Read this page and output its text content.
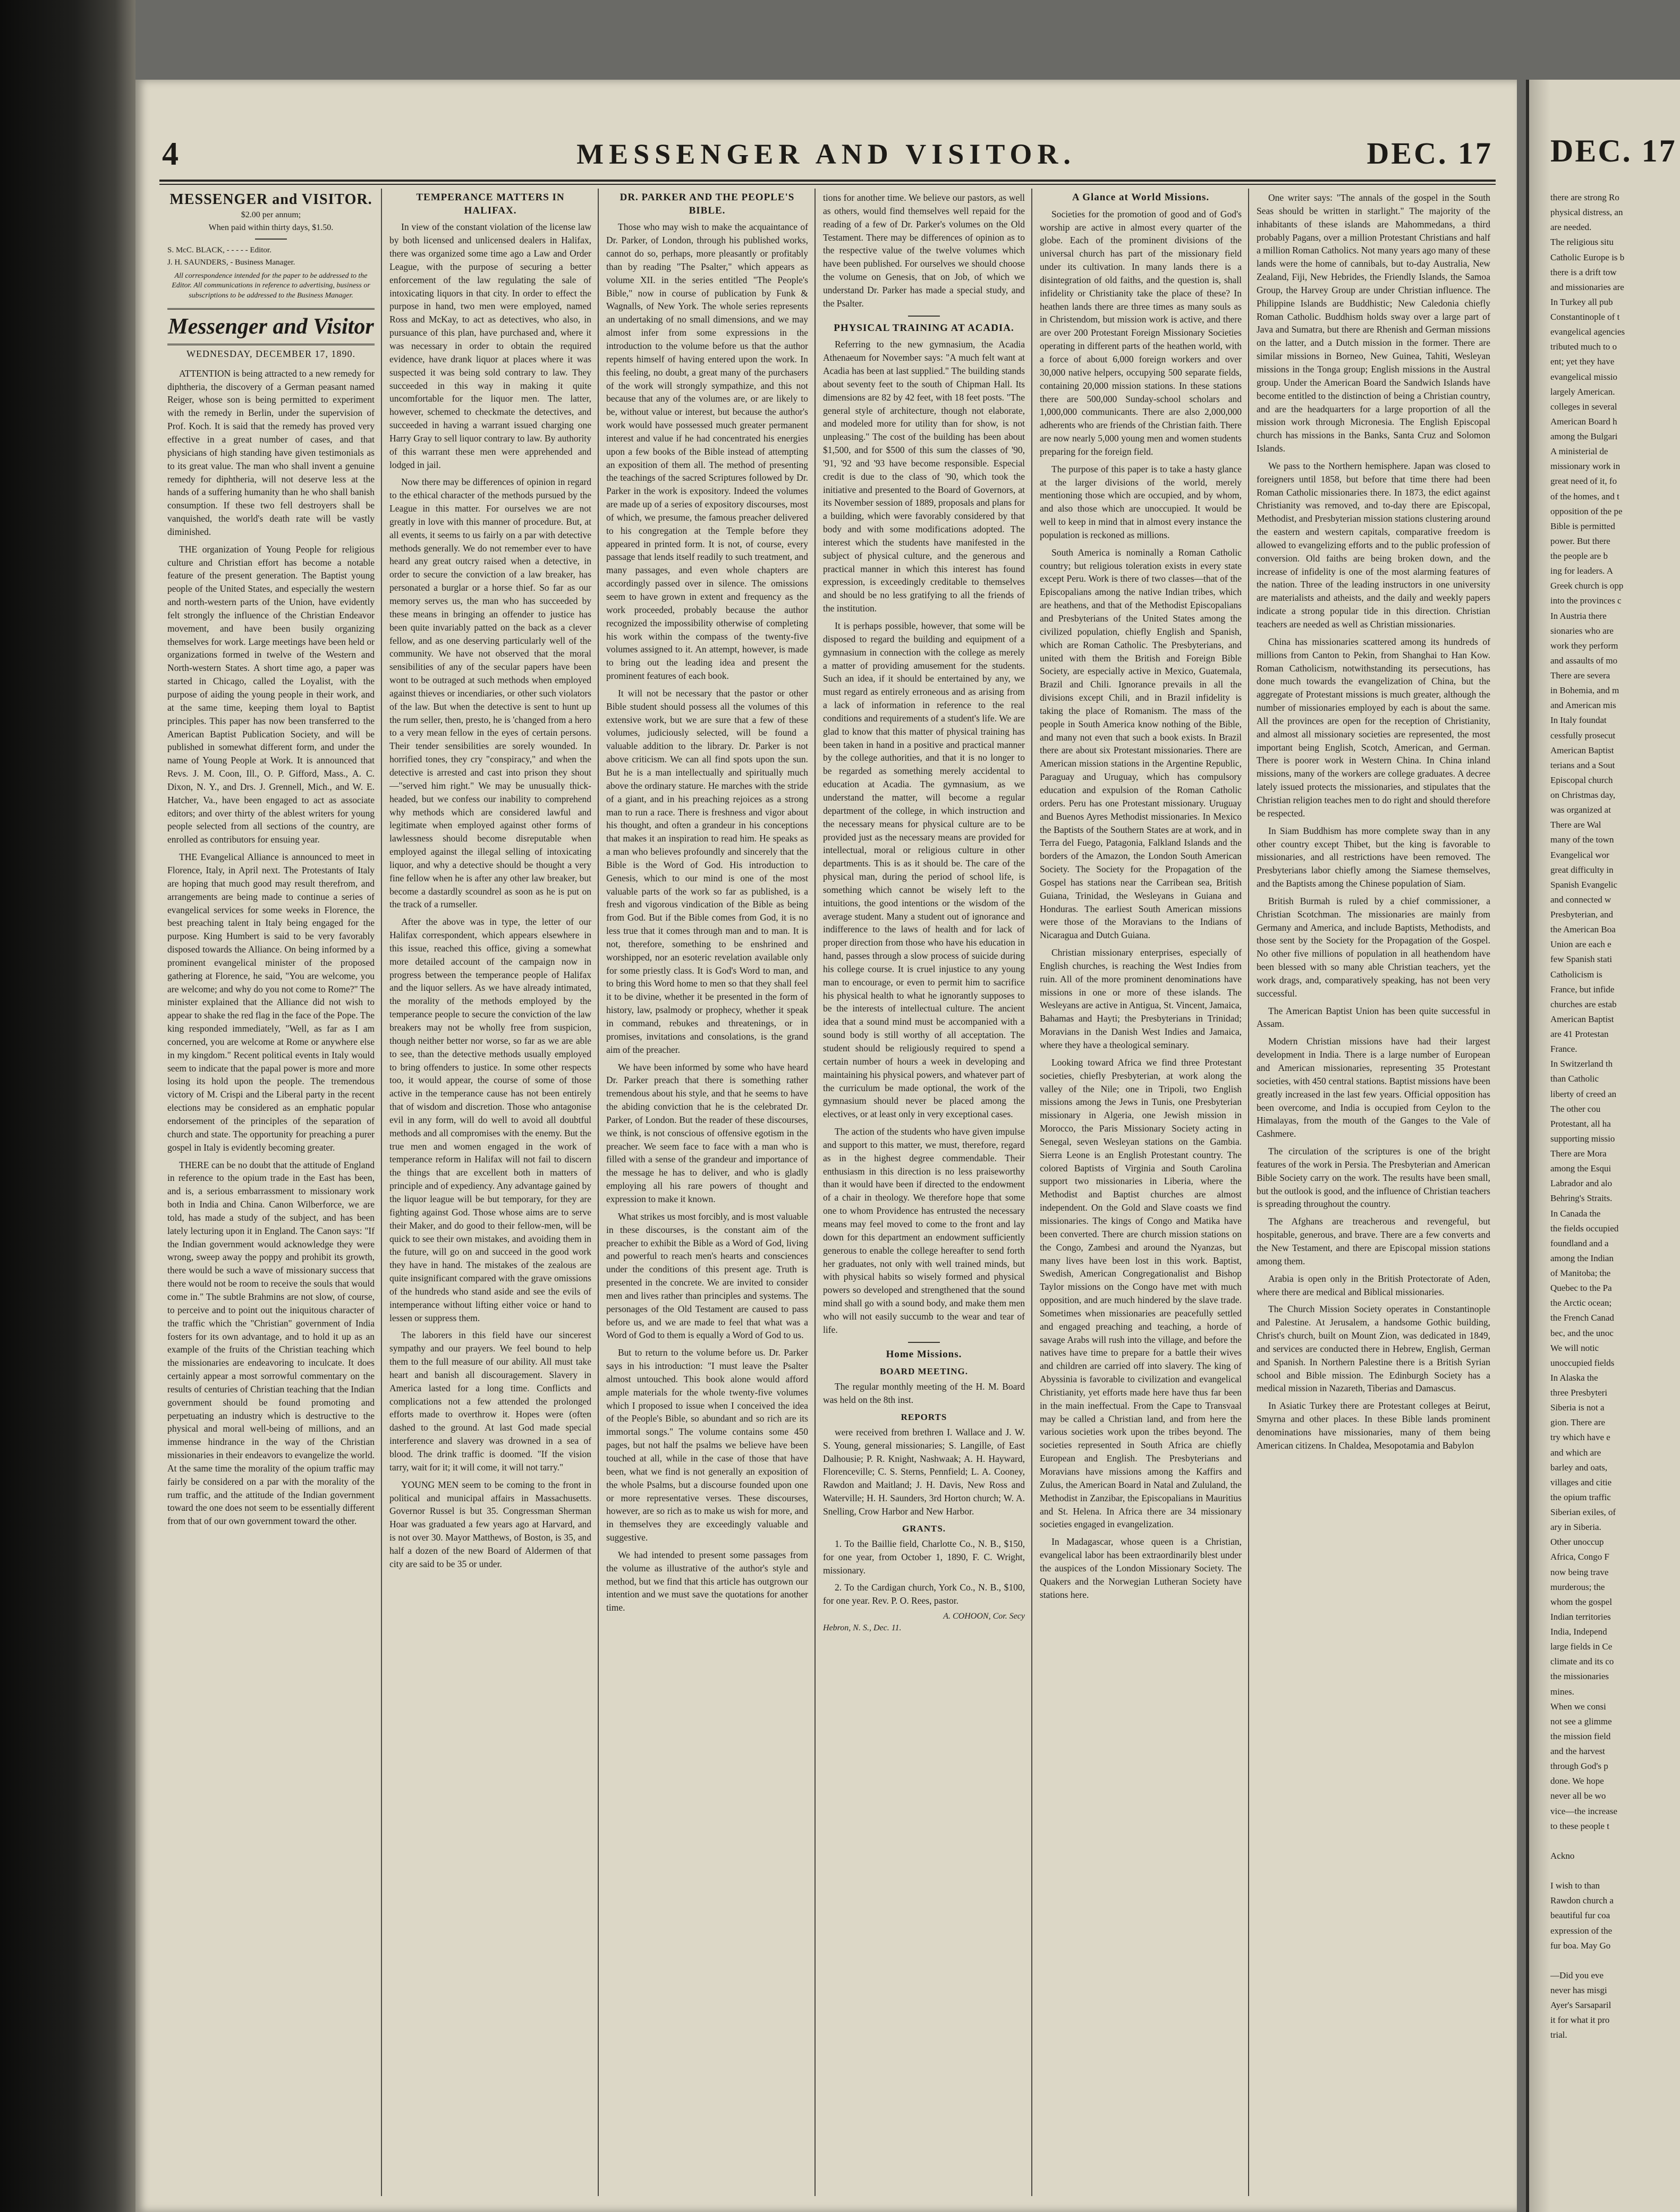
4	MESSENGER AND VISITOR.	DEC. 17
MESSENGER and VISITOR.
$2.00 per annum;
When paid within thirty days, $1.50.
S. McC. BLACK, - - - - - Editor.
J. H. SAUNDERS, - Business Manager.
All correspondence intended for the paper to be addressed to the Editor. All communications in reference to advertising, business or subscriptions to be addressed to the Business Manager.
Messenger and Visitor
WEDNESDAY, DECEMBER 17, 1890.

ATTENTION is being attracted to a new remedy for diphtheria, the discovery of a German peasant named Reiger, whose son is being permitted to experiment with the remedy in Berlin, under the supervision of Prof. Koch. It is said that the remedy has proved very effective in a great number of cases, and that physicians of high standing have given testimonials as to its great value. The man who shall invent a genuine remedy for diphtheria, will not deserve less at the hands of a suffering humanity than he who shall banish consumption. If these two fell destroyers shall be vanquished, the world's death rate will be vastly diminished.

THE organization of Young People for religious culture and Christian effort has become a notable feature of the present generation. The Baptist young people of the United States, and especially the western and north-western parts of the Union, have evidently felt strongly the influence of the Christian Endeavor movement, and have been busily organizing themselves for work. Large meetings have been held or organizations formed in twelve of the Western and North-western States. A short time ago, a paper was started in Chicago, called the Loyalist, with the purpose of aiding the young people in their work, and at the same time, keeping them loyal to Baptist principles. This paper has now been transferred to the American Baptist Publication Society, and will be published in somewhat different form, and under the name of Young People at Work. It is announced that Revs. J. M. Coon, Ill., O. P. Gifford, Mass., A. C. Dixon, N. Y., and Drs. J. Grennell, Mich., and W. E. Hatcher, Va., have been engaged to act as associate editors; and over thirty of the ablest writers for young people selected from all sections of the country, are enrolled as contributors for ensuing year.

THE Evangelical Alliance is announced to meet in Florence, Italy, in April next. The Protestants of Italy are hoping that much good may result therefrom, and arrangements are being made to continue a series of evangelical services for some weeks in Florence, the best preaching talent in Italy being engaged for the purpose. King Humbert is said to be very favorably disposed towards the Alliance. On being informed by a prominent evangelical minister of the proposed gathering at Florence, he said, "You are welcome, you are welcome; and why do you not come to Rome?" The minister explained that the Alliance did not wish to appear to shake the red flag in the face of the Pope. The king responded immediately, "Well, as far as I am concerned, you are welcome at Rome or anywhere else in my kingdom." Recent political events in Italy would seem to indicate that the papal power is more and more losing its hold upon the people. The tremendous victory of M. Crispi and the Liberal party in the recent elections may be considered as an emphatic popular endorsement of the principles of the separation of church and state. The opportunity for preaching a purer gospel in Italy is evidently becoming greater.

THERE can be no doubt that the attitude of England in reference to the opium trade in the East has been, and is, a serious embarrassment to missionary work both in India and China. Canon Wilberforce, we are told, has made a study of the subject, and has been lately lecturing upon it in England. The Canon says: "If the Indian government would acknowledge they were wrong, sweep away the poppy and prohibit its growth, there would be such a wave of missionary success that there would not be room to receive the souls that would come in." The subtle Brahmins are not slow, of course, to perceive and to point out the iniquitous character of the traffic which the "Christian" government of India fosters for its own advantage, and to hold it up as an example of the fruits of the Christian teaching which the missionaries are endeavoring to inculcate. It does certainly appear a most sorrowful commentary on the results of centuries of Christian teaching that the Indian government should be found promoting and perpetuating an industry which is destructive to the physical and moral well-being of millions, and an immense hindrance in the way of the Christian missionaries in their endeavors to evangelize the world. At the same time the morality of the opium traffic may fairly be considered on a par with the morality of the rum traffic, and the attitude of the Indian government toward the one does not seem to be essentially different from that of our own government toward the other.

TEMPERANCE MATTERS IN HALIFAX.

In view of the constant violation of the license law by both licensed and unlicensed dealers in Halifax, there was organized some time ago a Law and Order League, with the purpose of securing a better enforcement of the law regulating the sale of intoxicating liquors in that city. In order to effect the purpose in hand, two men were employed, named Ross and McKay, to act as detectives, who also, in pursuance of this plan, have purchased and, where it was necessary in order to obtain the required evidence, have drank liquor at places where it was suspected it was being sold contrary to law. They succeeded in this way in making it quite uncomfortable for the liquor men. The latter, however, schemed to checkmate the detectives, and succeeded in having a warrant issued charging one Harry Gray to sell liquor contrary to law. By authority of this warrant these men were apprehended and lodged in jail.

Now there may be differences of opinion in regard to the ethical character of the methods pursued by the League in this matter. For ourselves we are not greatly in love with this manner of procedure. But, at all events, it seems to us fairly on a par with detective methods generally. We do not remember ever to have heard any great outcry raised when a detective, in order to secure the conviction of a law breaker, has personated a burglar or a horse thief. So far as our memory serves us, the man who has succeeded by these means in bringing an offender to justice has been quite invariably patted on the back as a clever fellow, and as one deserving particularly well of the community. We have not observed that the moral sensibilities of any of the secular papers have been wont to be outraged at such methods when employed against thieves or incendiaries, or other such violators of the law. But when the detective is sent to hunt up the rum seller, then, presto, he is 'changed from a hero to a very mean fellow in the eyes of certain persons. Their tender sensibilities are sorely wounded. In horrified tones, they cry "conspiracy," and when the detective is arrested and cast into prison they shout—"served him right." We may be unusually thick-headed, but we confess our inability to comprehend why methods which are considered lawful and legitimate when employed against other forms of lawlessness should become disreputable when employed against the illegal selling of intoxicating liquor, and why a detective should be thought a very fine fellow when he is after any other law breaker, but become a dastardly scoundrel as soon as he is put on the track of a rumseller.

After the above was in type, the letter of our Halifax correspondent, which appears elsewhere in this issue, reached this office, giving a somewhat more detailed account of the campaign now in progress between the temperance people of Halifax and the liquor sellers. As we have already intimated, the morality of the methods employed by the temperance people to secure the conviction of the law breakers may not be wholly free from suspicion, though neither better nor worse, so far as we are able to see, than the detective methods usually employed to bring offenders to justice. In some other respects too, it would appear, the course of some of those active in the temperance cause has not been entirely that of wisdom and discretion. Those who antagonise evil in any form, will do well to avoid all doubtful methods and all compromises with the enemy. But the true men and women engaged in the work of temperance reform in Halifax will not fail to discern the things that are excellent both in matters of principle and of expediency. Any advantage gained by the liquor league will be but temporary, for they are fighting against God. Those whose aims are to serve their Maker, and do good to their fellow-men, will be quick to see their own mistakes, and avoiding them in the future, will go on and succeed in the good work they have in hand. The mistakes of the zealous are quite insignificant compared with the grave omissions of the hundreds who stand aside and see the evils of intemperance without lifting either voice or hand to lessen or suppress them.

The laborers in this field have our sincerest sympathy and our prayers. We feel bound to help them to the full measure of our ability. All must take heart and banish all discouragement. Slavery in America lasted for a long time. Conflicts and complications not a few attended the prolonged efforts made to overthrow it. Hopes were (often dashed to the ground. At last God made special interference and slavery was drowned in a sea of blood. The drink traffic is doomed. "If the vision tarry, wait for it; it will come, it will not tarry."

YOUNG MEN seem to be coming to the front in political and municipal affairs in Massachusetts. Governor Russel is but 35. Congressman Sherman Hoar was graduated a few years ago at Harvard, and is not over 30. Mayor Matthews, of Boston, is 35, and half a dozen of the new Board of Aldermen of that city are said to be 35 or under.

DR. PARKER AND THE PEOPLE'S BIBLE.

Those who may wish to make the acquaintance of Dr. Parker, of London, through his published works, cannot do so, perhaps, more pleasantly or profitably than by reading "The Psalter," which appears as volume XII. in the series entitled "The People's Bible," now in course of publication by Funk & Wagnalls, of New York. The whole series represents an undertaking of no small dimensions, and we may almost infer from some expressions in the introduction to the volume before us that the author repents himself of having entered upon the work. In this feeling, no doubt, a great many of the purchasers of the work will strongly sympathize, and this not because that any of the volumes are, or are likely to be, without value or interest, but because the author's work would have possessed much greater permanent interest and value if he had concentrated his energies upon a few books of the Bible instead of attempting an exposition of them all. The method of presenting the teachings of the sacred Scriptures followed by Dr. Parker in the work is expository. Indeed the volumes are made up of a series of expository discourses, most of which, we presume, the famous preacher delivered to his congregation at the Temple before they appeared in printed form. It is not, of course, every passage that lends itself readily to such treatment, and many passages, and even whole chapters are accordingly passed over in silence. The omissions seem to have grown in extent and frequency as the work proceeded, probably because the author recognized the impossibility otherwise of completing his work within the compass of the twenty-five volumes assigned to it. An attempt, however, is made to bring out the leading idea and present the prominent features of each book.

It will not be necessary that the pastor or other Bible student should possess all the volumes of this extensive work, but we are sure that a few of these volumes, judiciously selected, will be found a valuable addition to the library. Dr. Parker is not above criticism. We can all find spots upon the sun. But he is a man intellectually and spiritually much above the ordinary stature. He marches with the stride of a giant, and in his preaching rejoices as a strong man to run a race. There is freshness and vigor about his thought, and often a grandeur in his conceptions that makes it an inspiration to read him. He speaks as a man who believes profoundly and sincerely that the Bible is the Word of God. His introduction to Genesis, which to our mind is one of the most valuable parts of the work so far as published, is a fresh and vigorous vindication of the Bible as being from God. But if the Bible comes from God, it is no less true that it comes through man and to man. It is not, therefore, something to be enshrined and worshipped, nor an esoteric revelation available only for some priestly class. It is God's Word to man, and to bring this Word home to men so that they shall feel it to be divine, whether it be presented in the form of history, law, psalmody or prophecy, whether it speak in command, rebukes and threatenings, or in promises, invitations and consolations, is the grand aim of the preacher.

We have been informed by some who have heard Dr. Parker preach that there is something rather tremendous about his style, and that he seems to have the abiding conviction that he is the celebrated Dr. Parker, of London. But the reader of these discourses, we think, is not conscious of offensive egotism in the preacher. We seem face to face with a man who is filled with a sense of the grandeur and importance of the message he has to deliver, and who is gladly employing all his rare powers of thought and expression to make it known.

What strikes us most forcibly, and is most valuable in these discourses, is the constant aim of the preacher to exhibit the Bible as a Word of God, living and powerful to reach men's hearts and consciences under the conditions of this present age. Truth is presented in the concrete. We are invited to consider men and lives rather than principles and systems. The personages of the Old Testament are caused to pass before us, and we are made to feel that what was a Word of God to them is equally a Word of God to us.

But to return to the volume before us. Dr. Parker says in his introduction: "I must leave the Psalter almost untouched. This book alone would afford ample materials for the whole twenty-five volumes which I proposed to issue when I conceived the idea of the People's Bible, so abundant and so rich are its immortal songs." The volume contains some 450 pages, but not half the psalms we believe have been touched at all, while in the case of those that have been, what we find is not generally an exposition of the whole Psalms, but a discourse founded upon one or more representative verses. These discourses, however, are so rich as to make us wish for more, and in themselves they are exceedingly valuable and suggestive.

We had intended to present some passages from the volume as illustrative of the author's style and method, but we find that this article has outgrown our intention and we must save the quotations for another time.

tions for another time. We believe our pastors, as well as others, would find themselves well repaid for the reading of a few of Dr. Parker's volumes on the Old Testament. There may be differences of opinion as to the respective value of the twelve volumes which have been published. For ourselves we should choose the volume on Genesis, that on Job, of which we understand Dr. Parker has made a special study, and the Psalter.

PHYSICAL TRAINING AT ACADIA.

Referring to the new gymnasium, the Acadia Athenaeum for November says: "A much felt want at Acadia has been at last supplied." The building stands about seventy feet to the south of Chipman Hall. Its dimensions are 82 by 42 feet, with 18 feet posts. "The general style of architecture, though not elaborate, and modeled more for utility than for show, is not unpleasing." The cost of the building has been about $1,500, and for $500 of this sum the classes of '90, '91, '92 and '93 have become responsible. Especial credit is due to the class of '90, which took the initiative and presented to the Board of Governors, at its November session of 1889, proposals and plans for a building, which were favorably considered by that body and with some modifications adopted. The interest which the students have manifested in the subject of physical culture, and the generous and practical manner in which this interest has found expression, is exceedingly creditable to themselves and should be no less gratifying to all the friends of the institution.

It is perhaps possible, however, that some will be disposed to regard the building and equipment of a gymnasium in connection with the college as merely a matter of providing amusement for the students. Such an idea, if it should be entertained by any, we must regard as entirely erroneous and as arising from a lack of information in reference to the real conditions and requirements of a student's life. We are glad to know that this matter of physical training has been taken in hand in a positive and practical manner by the college authorities, and that it is no longer to be regarded as something merely accidental to education at Acadia. The gymnasium, as we understand the matter, will become a regular department of the college, in which instruction and the necessary means for physical culture are to be provided just as the necessary means are provided for intellectual, moral or religious culture in other departments. This is as it should be. The care of the physical man, during the period of school life, is something which cannot be wisely left to the intuitions, the good intentions or the wisdom of the average student. Many a student out of ignorance and indifference to the laws of health and for lack of proper direction from those who have his education in hand, passes through a slow process of suicide during his college course. It is cruel injustice to any young man to encourage, or even to permit him to sacrifice his physical health to what he ignorantly supposes to be the interests of intellectual culture. The ancient idea that a sound mind must be accompanied with a sound body is still worthy of all acceptation. The student should be religiously required to spend a certain number of hours a week in developing and maintaining his physical powers, and whatever part of the curriculum be made optional, the work of the gymnasium should never be placed among the electives, or at least only in very exceptional cases.

The action of the students who have given impulse and support to this matter, we must, therefore, regard as in the highest degree commendable. Their enthusiasm in this direction is no less praiseworthy than it would have been if directed to the endowment of a chair in theology. We therefore hope that some one to whom Providence has entrusted the necessary means may feel moved to come to the front and lay down for this department an endowment sufficiently generous to enable the college hereafter to send forth her graduates, not only with well trained minds, but with physical habits so wisely formed and physical powers so developed and strengthened that the sound mind shall go with a sound body, and make them men who will not easily succumb to the wear and tear of life.

Home Missions.
BOARD MEETING.

The regular monthly meeting of the H. M. Board was held on the 8th inst.

REPORTS

were received from brethren I. Wallace and J. W. S. Young, general missionaries; S. Langille, of East Dalhousie; P. R. Knight, Nashwaak; A. H. Hayward, Florenceville; C. S. Sterns, Pennfield; L. A. Cooney, Rawdon and Maitland; J. H. Davis, New Ross and Waterville; H. H. Saunders, 3rd Horton church; W. A. Snelling, Crow Harbor and New Harbor.

GRANTS.

1. To the Baillie field, Charlotte Co., N. B., $150, for one year, from October 1, 1890, F. C. Wright, missionary.

2. To the Cardigan church, York Co., N. B., $100, for one year. Rev. P. O. Rees, pastor.

A. COHOON, Cor. Secy
Hebron, N. S., Dec. 11.
A Glance at World Missions.

Societies for the promotion of good and of God's worship are active in almost every quarter of the globe. Each of the prominent divisions of the universal church has part of the missionary field under its cultivation. In many lands there is a disintegration of old faiths, and the question is, shall infidelity or Christianity take the place of these? In heathen lands there are three times as many souls as in Christendom, but mission work is active, and there are over 200 Protestant Foreign Missionary Societies operating in different parts of the heathen world, with a force of about 6,000 foreign workers and over 30,000 native helpers, occupying 500 separate fields, containing 20,000 mission stations. In these stations there are 500,000 Sunday-school scholars and 1,000,000 communicants. There are also 2,000,000 adherents who are friends of the Christian faith. There are now nearly 5,000 young men and women students preparing for the foreign field.

The purpose of this paper is to take a hasty glance at the larger divisions of the world, merely mentioning those which are occupied, and by whom, and also those which are unoccupied. It would be well to keep in mind that in almost every instance the population is reckoned as millions.

South America is nominally a Roman Catholic country; but religious toleration exists in every state except Peru. Work is there of two classes—that of the Episcopalians among the native Indian tribes, which are heathens, and that of the Methodist Episcopalians and Presbyterians of the United States among the civilized population, chiefly English and Spanish, which are Roman Catholic. The Presbyterians, and united with them the British and Foreign Bible Society, are especially active in Mexico, Guatemala, Brazil and Chili. Ignorance prevails in all the divisions except Chili, and in Brazil infidelity is taking the place of Romanism. The mass of the people in South America know nothing of the Bible, and many not even that such a book exists. In Brazil there are about six Protestant missionaries. There are American mission stations in the Argentine Republic, Paraguay and Uruguay, which has compulsory education and expulsion of the Roman Catholic orders. Peru has one Protestant missionary. Uruguay and Buenos Ayres Methodist missionaries. In Mexico the Baptists of the Southern States are at work, and in Terra del Fuego, Patagonia, Falkland Islands and the borders of the Amazon, the London South American Society. The Society for the Propagation of the Gospel has stations near the Carribean sea, British Guiana, Trinidad, the Wesleyans in Guiana and Honduras. The earliest South American missions were those of the Moravians to the Indians of Nicaragua and Dutch Guiana.

Christian missionary enterprises, especially of English churches, is reaching the West Indies from ruin. All of the more prominent denominations have missions in one or more of these islands. The Wesleyans are active in Antigua, St. Vincent, Jamaica, Bahamas and Hayti; the Presbyterians in Trinidad; Moravians in the Danish West Indies and Jamaica, where they have a theological seminary.

Looking toward Africa we find three Protestant societies, chiefly Presbyterian, at work along the valley of the Nile; one in Tripoli, two English missions among the Jews in Tunis, one Presbyterian missionary in Algeria, one Jewish mission in Morocco, the Paris Missionary Society acting in Senegal, seven Wesleyan stations on the Gambia. Sierra Leone is an English Protestant country. The colored Baptists of Virginia and South Carolina support two missionaries in Liberia, where the Methodist and Baptist churches are almost independent. On the Gold and Slave coasts we find missionaries. The kings of Congo and Matika have been converted. There are church mission stations on the Congo, Zambesi and around the Nyanzas, but many lives have been lost in this work. Baptist, Swedish, American Congregationalist and Bishop Taylor missions on the Congo have met with much opposition, and are much hindered by the slave trade. Sometimes when missionaries are peacefully settled and engaged preaching and teaching, a horde of savage Arabs will rush into the village, and before the natives have time to prepare for a battle their wives and children are carried off into slavery. The king of Abyssinia is favorable to civilization and evangelical Christianity, yet efforts made here have thus far been in the main ineffectual. From the Cape to Transvaal may be called a Christian land, and from here the various societies work upon the tribes beyond. The societies represented in South Africa are chiefly European and English. The Presbyterians and Moravians have missions among the Kaffirs and Zulus, the American Board in Natal and Zululand, the Methodist in Zanzibar, the Episcopalians in Mauritius and St. Helena. In Africa there are 34 missionary societies engaged in evangelization.

In Madagascar, whose queen is a Christian, evangelical labor has been extraordinarily blest under the auspices of the London Missionary Society. The Quakers and the Norwegian Lutheran Society have stations here.

One writer says: "The annals of the gospel in the South Seas should be written in starlight." The majority of the inhabitants of these islands are Mahommedans, a third probably Pagans, over a million Protestant Christians and half a million Roman Catholics. Not many years ago many of these lands were the home of cannibals, but to-day Australia, New Zealand, Fiji, New Hebrides, the Friendly Islands, the Samoa Group, the Harvey Group are under Christian influence. The Philippine Islands are Buddhistic; New Caledonia chiefly Roman Catholic. Buddhism holds sway over a large part of Java and Sumatra, but there are Rhenish and German missions on the latter, and a Dutch mission in the former. There are similar missions in Borneo, New Guinea, Tahiti, Wesleyan missions in the Tonga group; English missions in the Austral group. Under the American Board the Sandwich Islands have become entitled to the distinction of being a Christian country, and are the headquarters for a large proportion of all the mission work through Micronesia. The English Episcopal church has missions in the Banks, Santa Cruz and Solomon Islands.

We pass to the Northern hemisphere. Japan was closed to foreigners until 1858, but before that time there had been Roman Catholic missionaries there. In 1873, the edict against Christianity was removed, and to-day there are Episcopal, Methodist, and Presbyterian mission stations clustering around the eastern and western capitals, comparative freedom is allowed to evangelizing efforts and to the public profession of conversion. Old faiths are being broken down, and the increase of infidelity is one of the most alarming features of the nation. Three of the leading instructors in one university are materialists and atheists, and the daily and weekly papers indicate a strong popular tide in this direction. Christian teachers are needed as well as Christian missionaries.

China has missionaries scattered among its hundreds of millions from Canton to Pekin, from Shanghai to Han Kow. Roman Catholicism, notwithstanding its persecutions, has done much towards the evangelization of China, but the aggregate of Protestant missions is much greater, although the number of missionaries employed by each is about the same. All the provinces are open for the reception of Christianity, and almost all missionary societies are represented, the most important being English, Scotch, American, and German. There is poorer work in Western China. In China inland missions, many of the workers are college graduates. A decree lately issued protects the missionaries, and stipulates that the Christian religion teaches men to do right and should therefore be respected.

In Siam Buddhism has more complete sway than in any other country except Thibet, but the king is favorable to missionaries, and all restrictions have been removed. The Presbyterians labor chiefly among the Siamese themselves, and the Baptists among the Chinese population of Siam.

British Burmah is ruled by a chief commissioner, a Christian Scotchman. The missionaries are mainly from Germany and America, and include Baptists, Methodists, and those sent by the Society for the Propagation of the Gospel. No other five millions of population in all heathendom have been blessed with so many able Christian teachers, yet the work drags, and, comparatively speaking, has not been very successful.

The American Baptist Union has been quite successful in Assam.

Modern Christian missions have had their largest development in India. There is a large number of European and American missionaries, representing 35 Protestant societies, with 450 central stations. Baptist missions have been greatly increased in the last few years. Official opposition has been overcome, and India is occupied from Ceylon to the Himalayas, from the mouth of the Ganges to the Vale of Cashmere.

The circulation of the scriptures is one of the bright features of the work in Persia. The Presbyterian and American Bible Society carry on the work. The results have been small, but the outlook is good, and the influence of Christian teachers is spreading throughout the country.

The Afghans are treacherous and revengeful, but hospitable, generous, and brave. There are a few converts and the New Testament, and there are Episcopal mission stations among them.

Arabia is open only in the British Protectorate of Aden, where there are medical and Biblical missionaries.

The Church Mission Society operates in Constantinople and Palestine. At Jerusalem, a handsome Gothic building, Christ's church, built on Mount Zion, was dedicated in 1849, and services are conducted there in Hebrew, English, German and Spanish. In Northern Palestine there is a British Syrian school and Bible mission. The Edinburgh Society has a medical mission in Nazareth, Tiberias and Damascus.

In Asiatic Turkey there are Protestant colleges at Beirut, Smyrna and other places. In these Bible lands prominent denominations have missionaries, many of them being American citizens. In Chaldea, Mesopotamia and Babylon

DEC. 17

there are strong Ro

physical distress, an

are needed.

The religious situ

Catholic Europe is b

there is a drift tow

and missionaries are

In Turkey all pub

Constantinople of t

evangelical agencies

tributed much to o

ent; yet they have

evangelical missio

largely American.

colleges in several

American Board h

among the Bulgari

A ministerial de

missionary work in

great need of it, fo

of the homes, and t

opposition of the pe

Bible is permitted

power. But there

the people are b

ing for leaders. A

Greek church is opp

into the provinces c

In Austria there

sionaries who are

work they perform

and assaults of mo

There are severa

in Bohemia, and m

and American mis

In Italy foundat

cessfully prosecut

American Baptist

terians and a Sout

Episcopal church

on Christmas day,

was organized at

There are Wal

many of the town

Evangelical wor

great difficulty in

Spanish Evangelic

and connected w

Presbyterian, and

the American Boa

Union are each e

few Spanish stati

Catholicism is

France, but infide

churches are estab

American Baptist

are 41 Protestan

France.

In Switzerland th

than Catholic

liberty of creed an

The other cou

Protestant, all ha

supporting missio

There are Mora

among the Esqui

Labrador and alo

Behring's Straits.

In Canada the

the fields occupied

foundland and a

among the Indian

of Manitoba; the

Quebec to the Pa

the Arctic ocean;

the French Canad

bec, and the unoc

We will notic

unoccupied fields

In Alaska the

three Presbyteri

Siberia is not a

gion. There are

try which have e

and which are

barley and oats,

villages and citie

the opium traffic

Siberian exiles, of

ary in Siberia.

Other unoccup

Africa, Congo F

now being trave

murderous; the

whom the gospel

Indian territories

India, Independ

large fields in Ce

climate and its co

the missionaries

mines.

When we consi

not see a glimme

the mission field

and the harvest

through God's p

done. We hope

never all be wo

vice—the increase

to these people t

Ackno

I wish to than

Rawdon church a

beautiful fur coa

expression of the

fur boa. May Go

—Did you eve

never has misgi

Ayer's Sarsaparil

it for what it pro

trial.
